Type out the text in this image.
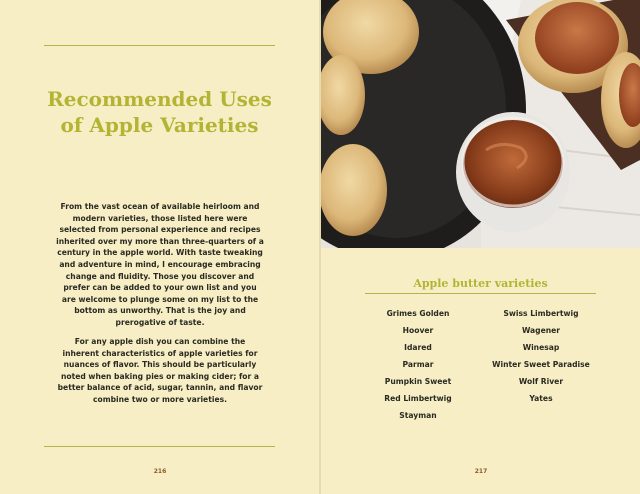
Recommended Uses of Apple Varieties
From the vast ocean of available heirloom and modern varieties, those listed here were selected from personal experience and recipes inherited over my more than three-quarters of a century in the apple world. With taste tweaking and adventure in mind, I encourage embracing change and fluidity. Those you discover and prefer can be added to your own list and you are welcome to plunge some on my list to the bottom as unworthy. That is the joy and prerogative of taste.
For any apple dish you can combine the inherent characteristics of apple varieties for nuances of flavor. This should be particularly noted when baking pies or making cider; for a better balance of acid, sugar, tannin, and flavor combine two or more varieties.
216
Apple butter varieties
Grimes Golden
Hoover
Idared
Parmar
Pumpkin Sweet
Red Limbertwig
Stayman
Swiss Limbertwig
Wagener
Winesap
Winter Sweet Paradise
Wolf River
Yates
217
